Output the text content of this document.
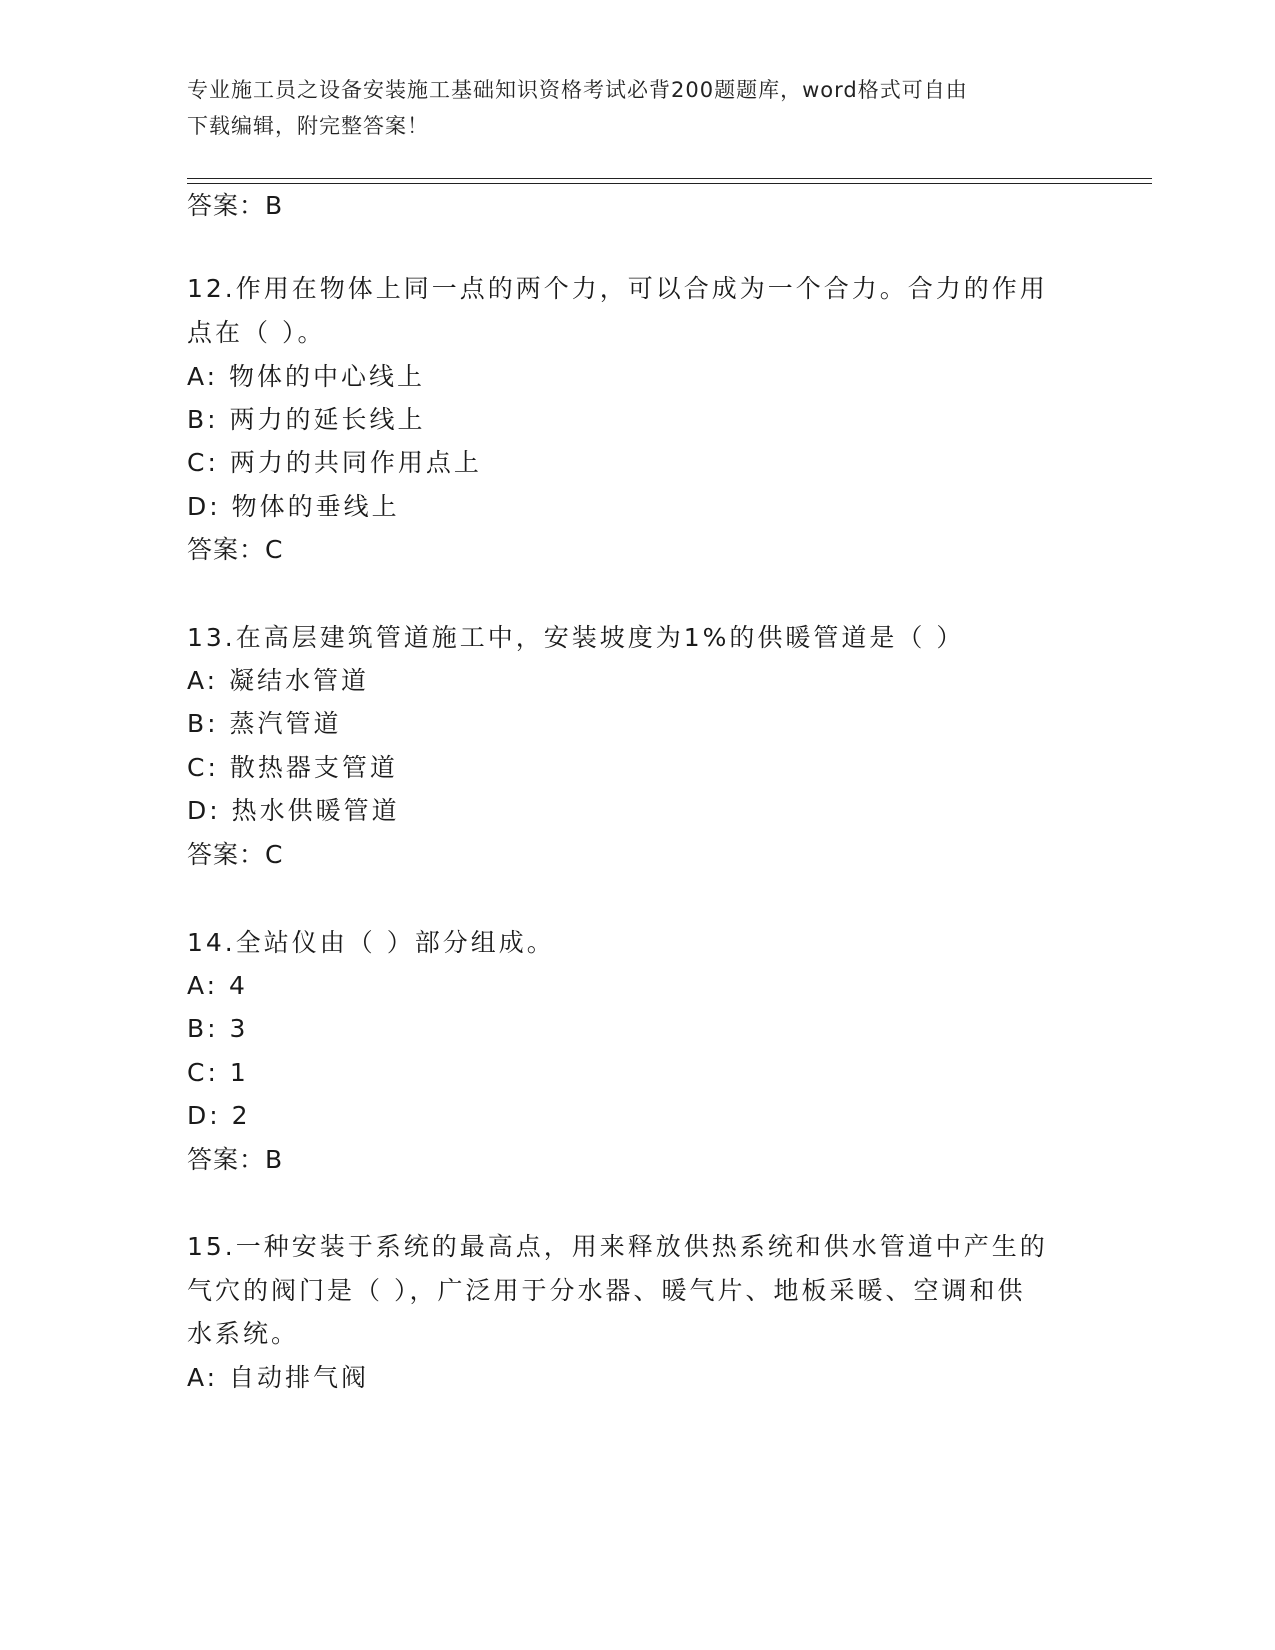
专业施工员之设备安装施工基础知识资格考试必背200题题库，word格式可自由
下载编辑，附完整答案！
答案：B
12.作用在物体上同一点的两个力，可以合成为一个合力。合力的作用
点在（ ）。
A: 物体的中心线上
B: 两力的延长线上
C: 两力的共同作用点上
D: 物体的垂线上
答案：C
13.在高层建筑管道施工中，安装坡度为1%的供暖管道是（ ）
A: 凝结水管道
B: 蒸汽管道
C: 散热器支管道
D: 热水供暖管道
答案：C
14.全站仪由（ ）部分组成。
A: 4
B: 3
C: 1
D: 2
答案：B
15.一种安装于系统的最高点，用来释放供热系统和供水管道中产生的
气穴的阀门是（ ），广泛用于分水器、暖气片、地板采暖、空调和供
水系统。
A: 自动排气阀
